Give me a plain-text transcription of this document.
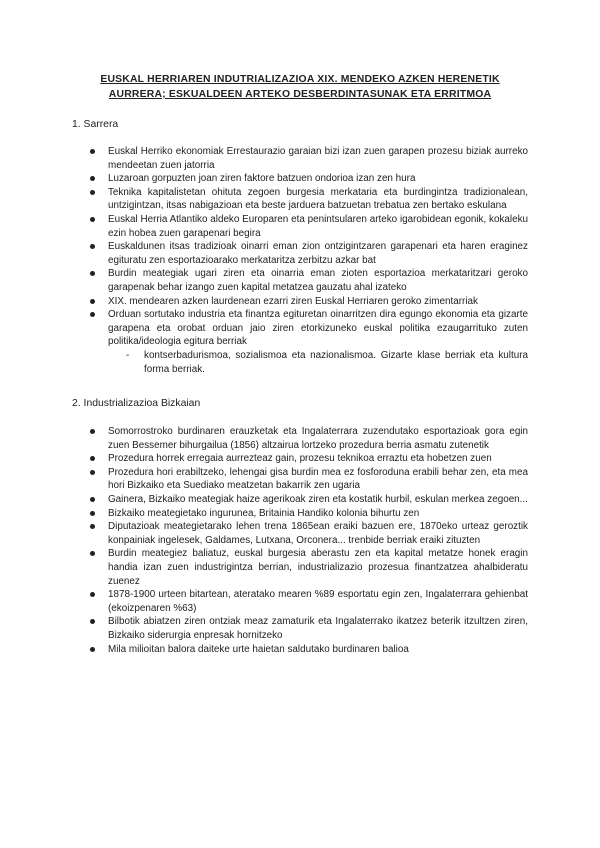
EUSKAL HERRIAREN INDUTRIALIZAZIOA XIX. MENDEKO AZKEN HERENETIK
AURRERA; ESKUALDEEN ARTEKO DESBERDINTASUNAK ETA ERRITMOA
1. Sarrera
Euskal Herriko ekonomiak Errestaurazio garaian bizi izan zuen garapen prozesu biziak aurreko mendeetan zuen jatorria
Luzaroan gorpuzten joan ziren faktore batzuen ondorioa izan zen hura
Teknika kapitalistetan ohituta zegoen burgesia merkataria eta burdingintza tradizionalean, untzigintzan, itsas nabigazioan eta beste jarduera batzuetan trebatua zen bertako eskulana
Euskal Herria Atlantiko aldeko Europaren eta penintsularen arteko igarobidean egonik, kokaleku ezin hobea zuen garapenari begira
Euskaldunen itsas tradizioak oinarri eman zion ontzigintzaren garapenari eta haren eraginez egituratu zen esportazioarako merkataritza zerbitzu azkar bat
Burdin meategiak ugari ziren eta oinarria eman zioten esportazioa merkataritzari geroko garapenak behar izango zuen kapital metatzea gauzatu ahal izateko
XIX. mendearen azken laurdenean ezarri ziren Euskal Herriaren geroko zimentarriak
Orduan sortutako industria eta finantza egituretan oinarritzen dira egungo ekonomia eta gizarte garapena eta orobat orduan jaio ziren etorkizuneko euskal politika ezaugarrituko zuten politika/ideologia egitura berriak
- kontserbadurismoa, sozialismoa eta nazionalismoa. Gizarte klase berriak eta kultura forma berriak.
2. Industrializazioa Bizkaian
Somorrostroko burdinaren erauzketak eta Ingalaterrara zuzendutako esportazioak gora egin zuen Bessemer bihurgailua (1856) altzairua lortzeko prozedura berria asmatu zutenetik
Prozedura horrek erregaia aurrezteaz gain, prozesu teknikoa erraztu eta hobetzen zuen
Prozedura hori erabiltzeko, lehengai gisa burdin mea ez fosforoduna erabili behar zen, eta mea hori Bizkaiko eta Suediako meatzetan bakarrik zen ugaria
Gainera, Bizkaiko meategiak haize agerikoak ziren eta kostatik hurbil, eskulan merkea zegoen...
Bizkaiko meategietako ingurunea, Britainia Handiko kolonia bihurtu zen
Diputazioak meategietarako lehen trena 1865ean eraiki bazuen ere, 1870eko urteaz geroztik konpainiak ingelesek, Galdames, Lutxana, Orconera... trenbide berriak eraiki zituzten
Burdin meategiez baliatuz, euskal burgesia aberastu zen eta kapital metatze honek eragin handia izan zuen industrigintza berrian, industrializazio prozesua finantzatzea ahalbideratu zuenez
1878-1900 urteen bitartean, ateratako mearen %89 esportatu egin zen, Ingalaterrara gehienbat (ekoizpenaren %63)
Bilbotik abiatzen ziren ontziak meaz zamaturik eta Ingalaterrako ikatzez beterik itzultzen ziren, Bizkaiko siderurgia enpresak hornitzeko
Mila milioitan balora daiteke urte haietan saldutako burdinaren balioa
